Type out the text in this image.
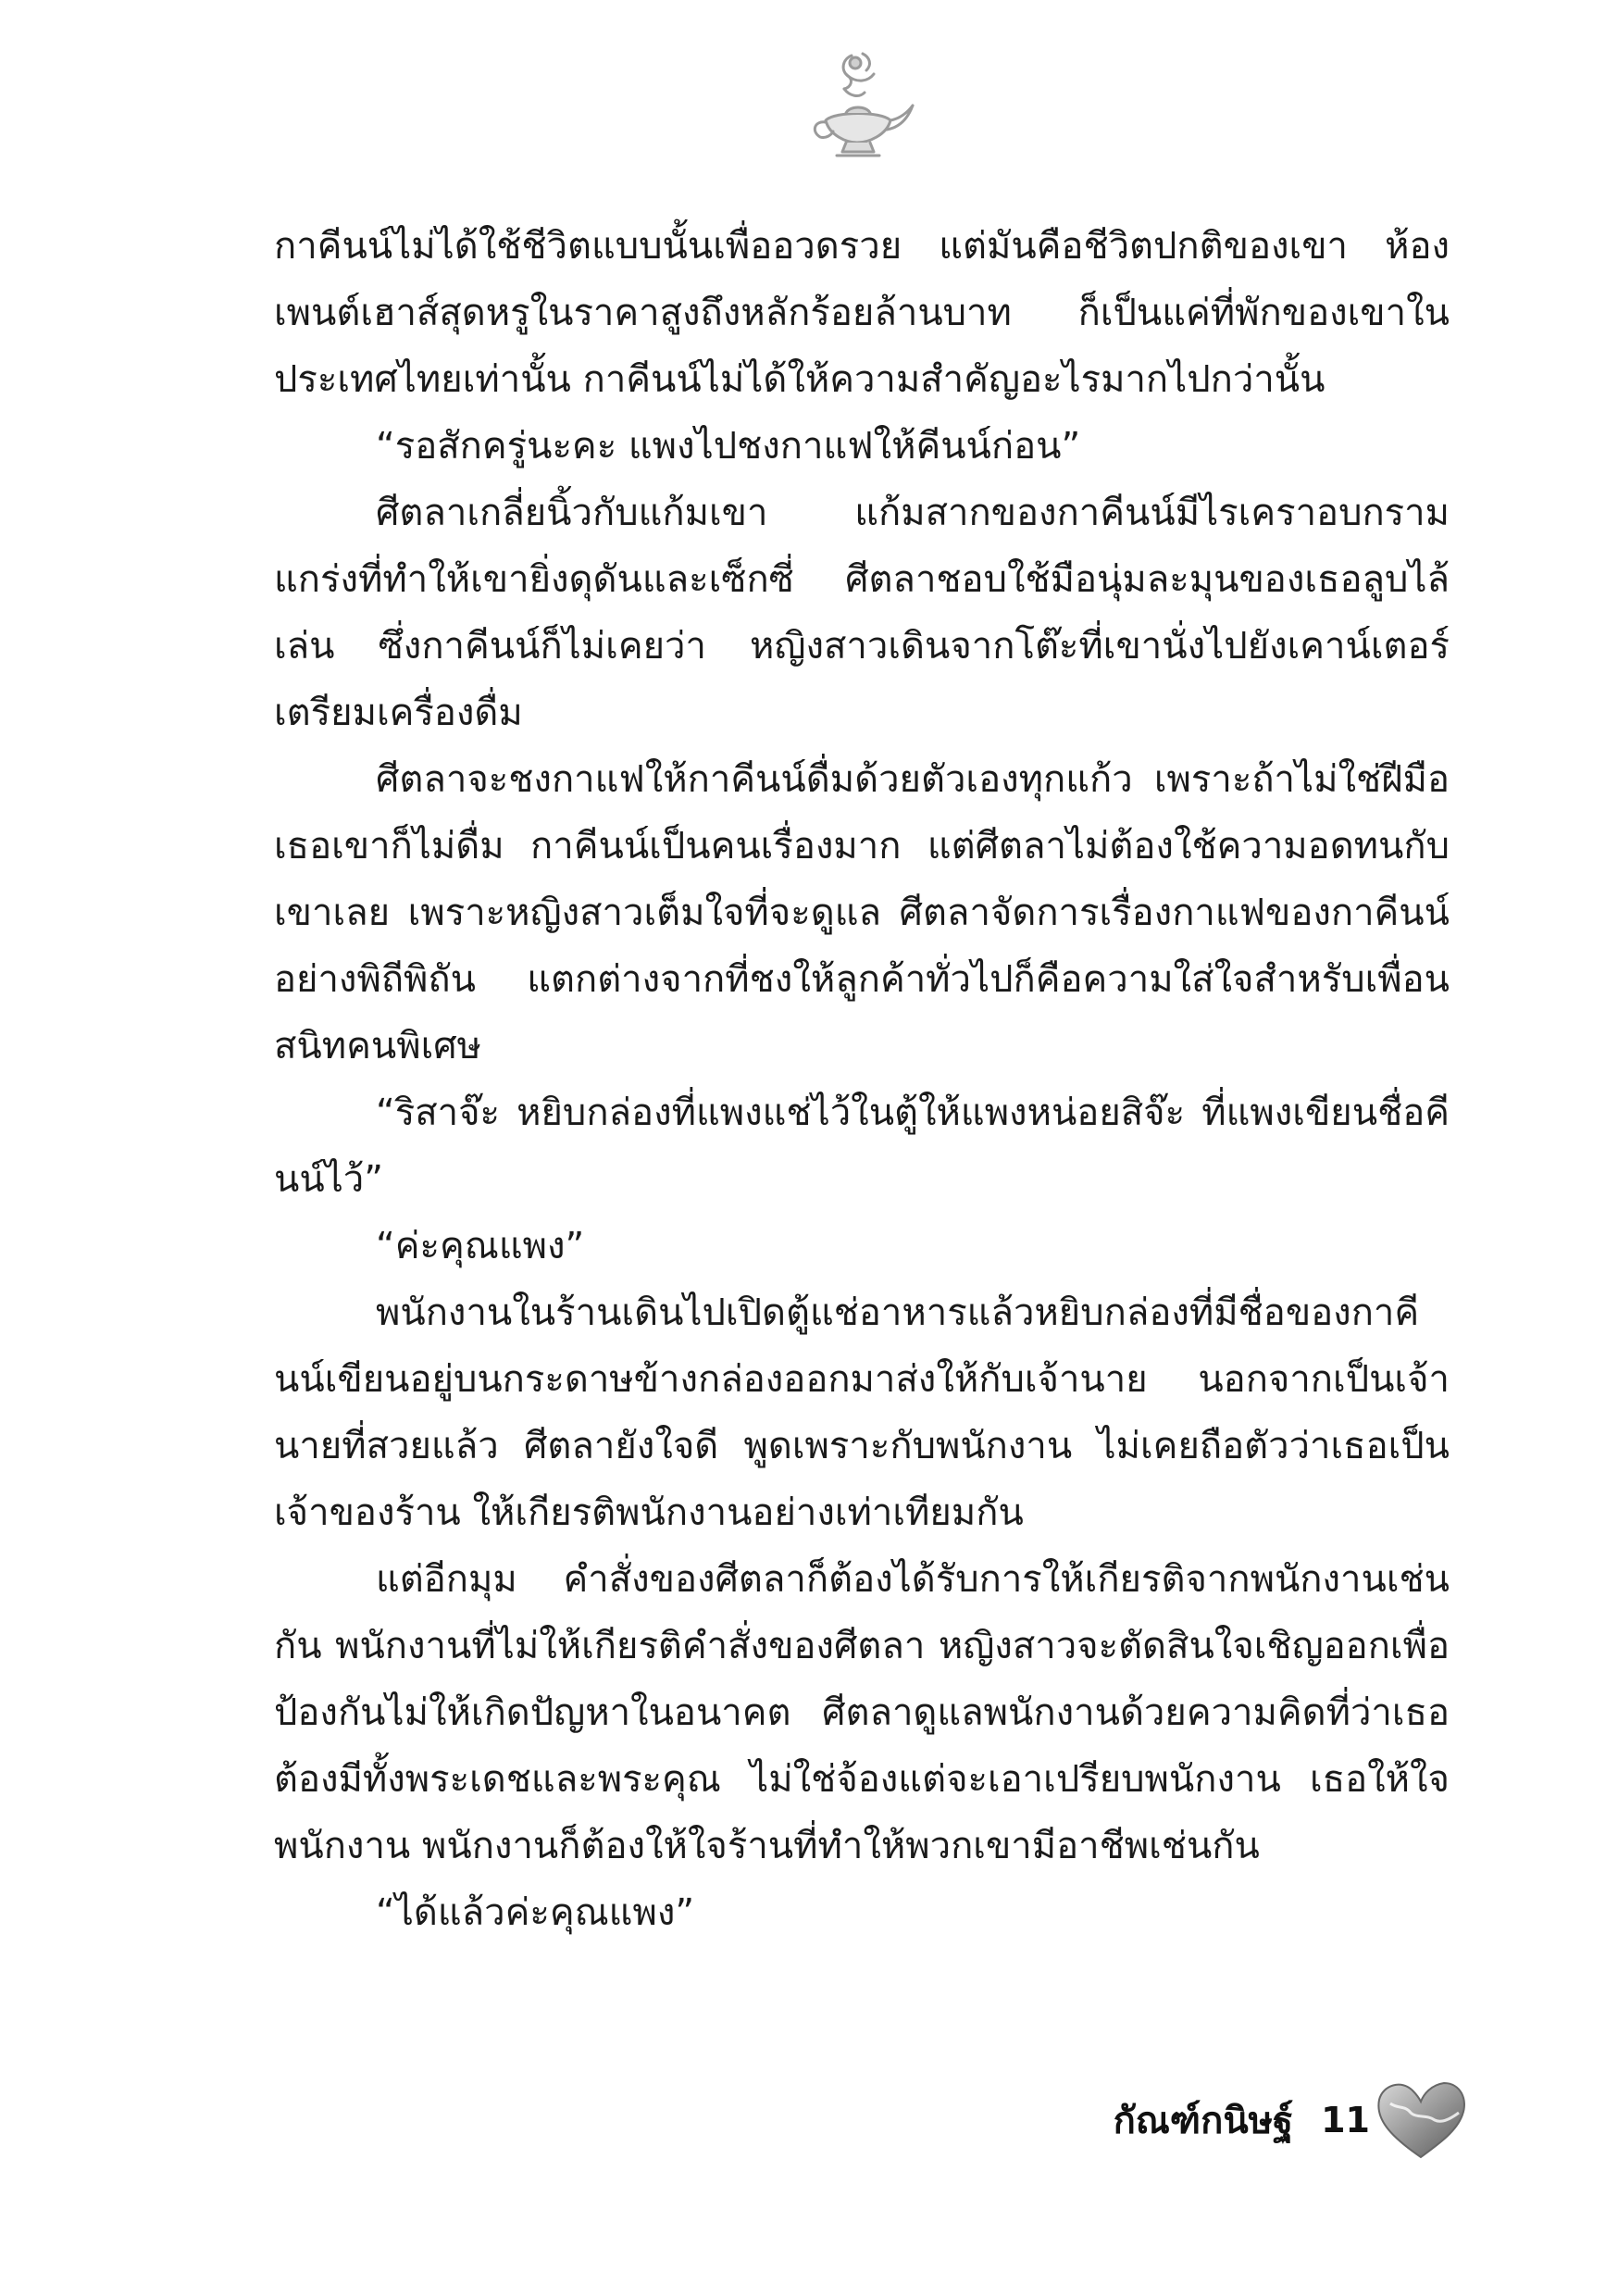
กาคีนน์ไม่ได้ใช้ชีวิตแบบนั้นเพื่ออวดรวย แต่มันคือชีวิตปกติของเขา ห้องเพนต์เฮาส์สุดหรูในราคาสูงถึงหลักร้อยล้านบาท ก็เป็นแค่ที่พักของเขาในประเทศไทยเท่านั้น กาคีนน์ไม่ได้ให้ความสำคัญอะไรมากไปกว่านั้น

“รอสักครู่นะคะ แพงไปชงกาแฟให้คีนน์ก่อน”

ศีตลาเกลี่ยนิ้วกับแก้มเขา แก้มสากของกาคีนน์มีไรเคราอบกรามแกร่งที่ทำให้เขายิ่งดุดันและเซ็กซี่ ศีตลาชอบใช้มือนุ่มละมุนของเธอลูบไล้เล่น ซึ่งกาคีนน์ก็ไม่เคยว่า หญิงสาวเดินจากโต๊ะที่เขานั่งไปยังเคาน์เตอร์เตรียมเครื่องดื่ม

ศีตลาจะชงกาแฟให้กาคีนน์ดื่มด้วยตัวเองทุกแก้ว เพราะถ้าไม่ใช่ฝีมือเธอเขาก็ไม่ดื่ม กาคีนน์เป็นคนเรื่องมาก แต่ศีตลาไม่ต้องใช้ความอดทนกับเขาเลย เพราะหญิงสาวเต็มใจที่จะดูแล ศีตลาจัดการเรื่องกาแฟของกาคีนน์อย่างพิถีพิถัน แตกต่างจากที่ชงให้ลูกค้าทั่วไปก็คือความใส่ใจสำหรับเพื่อนสนิทคนพิเศษ

“ริสาจ๊ะ หยิบกล่องที่แพงแช่ไว้ในตู้ให้แพงหน่อยสิจ๊ะ ที่แพงเขียนชื่อคีนน์ไว้”

“ค่ะคุณแพง”

พนักงานในร้านเดินไปเปิดตู้แช่อาหารแล้วหยิบกล่องที่มีชื่อของกาคีนน์เขียนอยู่บนกระดาษข้างกล่องออกมาส่งให้กับเจ้านาย นอกจากเป็นเจ้านายที่สวยแล้ว ศีตลายังใจดี พูดเพราะกับพนักงาน ไม่เคยถือตัวว่าเธอเป็นเจ้าของร้าน ให้เกียรติพนักงานอย่างเท่าเทียมกัน

แต่อีกมุม คำสั่งของศีตลาก็ต้องได้รับการให้เกียรติจากพนักงานเช่นกัน พนักงานที่ไม่ให้เกียรติคำสั่งของศีตลา หญิงสาวจะตัดสินใจเชิญออกเพื่อป้องกันไม่ให้เกิดปัญหาในอนาคต ศีตลาดูแลพนักงานด้วยความคิดที่ว่าเธอต้องมีทั้งพระเดชและพระคุณ ไม่ใช่จ้องแต่จะเอาเปรียบพนักงาน เธอให้ใจพนักงาน พนักงานก็ต้องให้ใจร้านที่ทำให้พวกเขามีอาชีพเช่นกัน

“ได้แล้วค่ะคุณแพง”

กัณฑ์กนิษฐ์ 11
